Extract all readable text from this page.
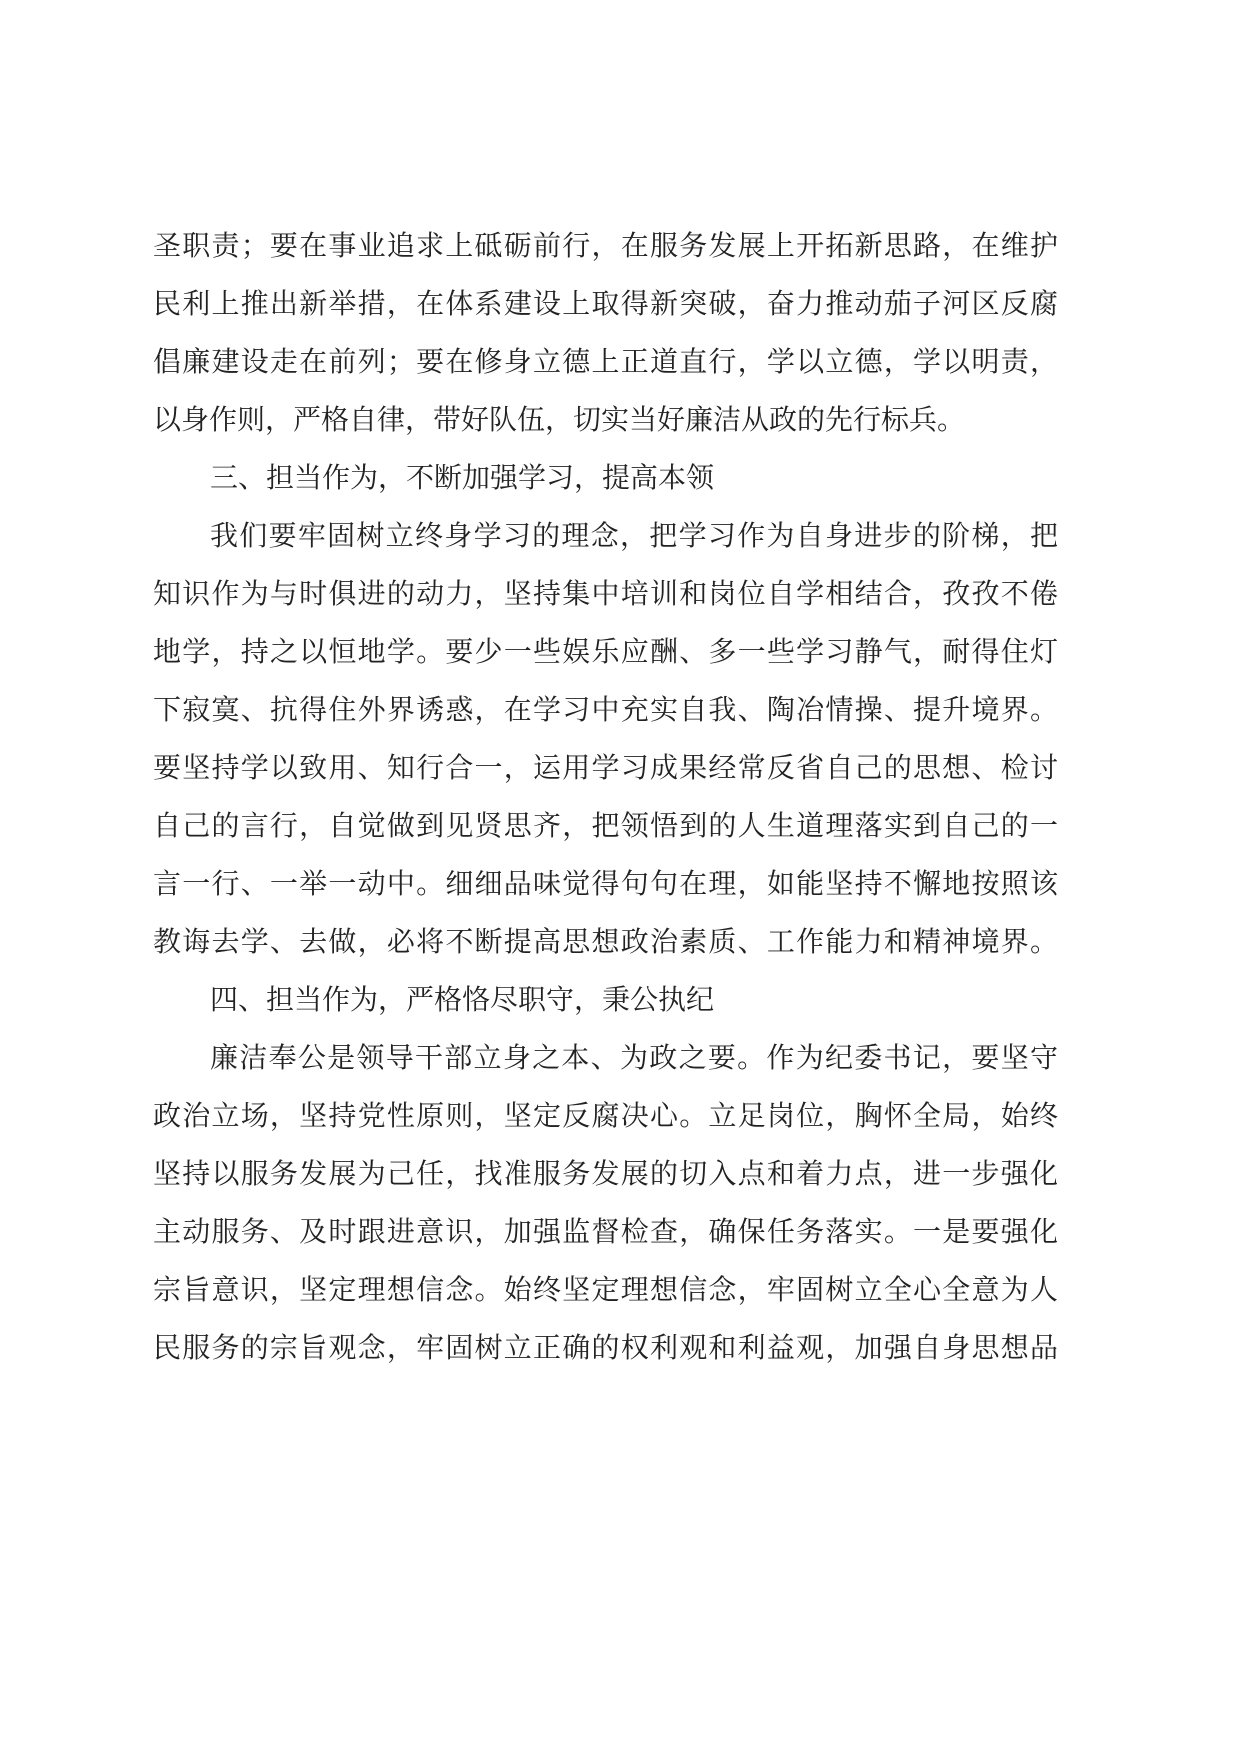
圣职责；要在事业追求上砥砺前行，在服务发展上开拓新思路，在维护
民利上推出新举措，在体系建设上取得新突破，奋力推动茄子河区反腐
倡廉建设走在前列；要在修身立德上正道直行，学以立德，学以明责，
以身作则，严格自律，带好队伍，切实当好廉洁从政的先行标兵。
三、担当作为，不断加强学习，提高本领
我们要牢固树立终身学习的理念，把学习作为自身进步的阶梯，把
知识作为与时俱进的动力，坚持集中培训和岗位自学相结合，孜孜不倦
地学，持之以恒地学。要少一些娱乐应酬、多一些学习静气，耐得住灯
下寂寞、抗得住外界诱惑，在学习中充实自我、陶冶情操、提升境界。
要坚持学以致用、知行合一，运用学习成果经常反省自己的思想、检讨
自己的言行，自觉做到见贤思齐，把领悟到的人生道理落实到自己的一
言一行、一举一动中。细细品味觉得句句在理，如能坚持不懈地按照该
教诲去学、去做，必将不断提高思想政治素质、工作能力和精神境界。
四、担当作为，严格恪尽职守，秉公执纪
廉洁奉公是领导干部立身之本、为政之要。作为纪委书记，要坚守
政治立场，坚持党性原则，坚定反腐决心。立足岗位，胸怀全局，始终
坚持以服务发展为己任，找准服务发展的切入点和着力点，进一步强化
主动服务、及时跟进意识，加强监督检查，确保任务落实。一是要强化
宗旨意识，坚定理想信念。始终坚定理想信念，牢固树立全心全意为人
民服务的宗旨观念，牢固树立正确的权利观和利益观，加强自身思想品
